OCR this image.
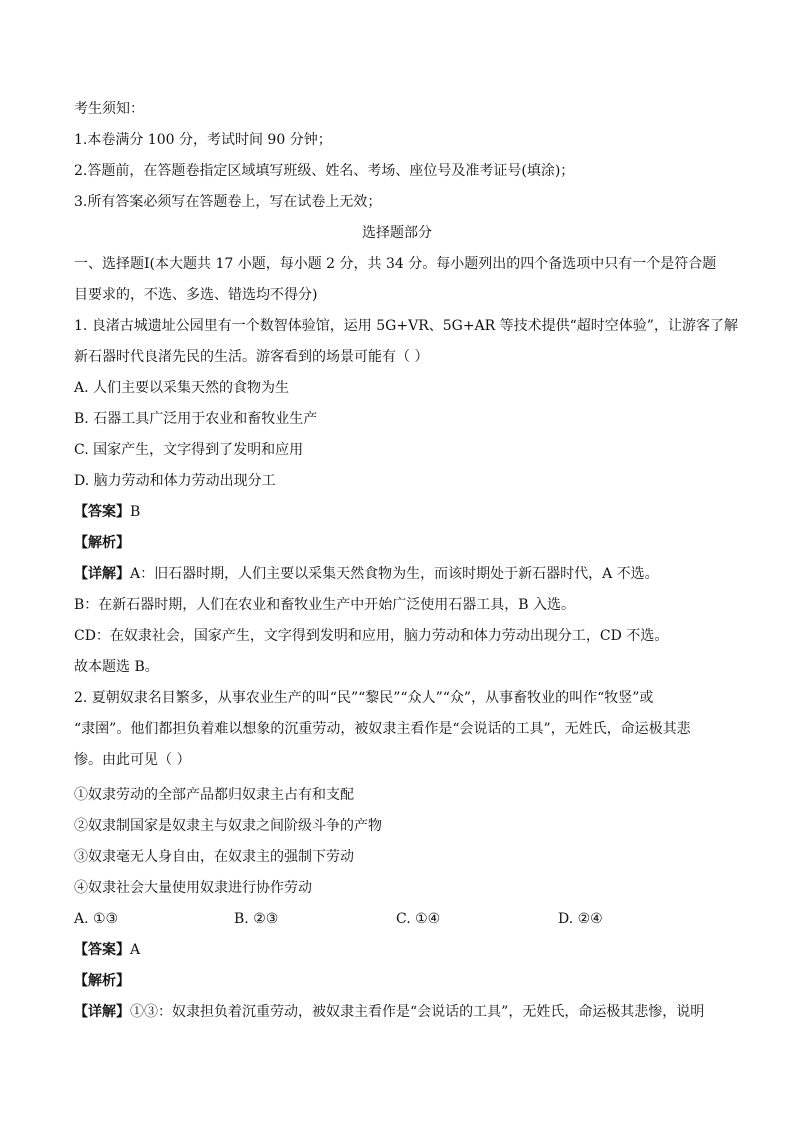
考生须知：
1.本卷满分 100 分，考试时间 90 分钟；
2.答题前，在答题卷指定区域填写班级、姓名、考场、座位号及准考证号(填涂)；
3.所有答案必须写在答题卷上，写在试卷上无效；
选择题部分
一、选择题Ⅰ(本大题共 17 小题，每小题 2 分，共 34 分。每小题列出的四个备选项中只有一个是符合题
目要求的，不选、多选、错选均不得分)
1. 良渚古城遗址公园里有一个数智体验馆，运用 5G+VR、5G+AR 等技术提供“超时空体验”，让游客了解
新石器时代良渚先民的生活。游客看到的场景可能有（ ）
A. 人们主要以采集天然的食物为生
B. 石器工具广泛用于农业和畜牧业生产
C. 国家产生，文字得到了发明和应用
D. 脑力劳动和体力劳动出现分工
【答案】B
【解析】
【详解】A：旧石器时期，人们主要以采集天然食物为生，而该时期处于新石器时代，A 不选。
B：在新石器时期，人们在农业和畜牧业生产中开始广泛使用石器工具，B 入选。
CD：在奴隶社会，国家产生，文字得到发明和应用，脑力劳动和体力劳动出现分工，CD 不选。
故本题选 B。
2. 夏朝奴隶名目繁多，从事农业生产的叫“民”“黎民”“众人”“众”，从事畜牧业的叫作“牧竖”或
“隶圉”。他们都担负着难以想象的沉重劳动，被奴隶主看作是“会说话的工具”，无姓氏，命运极其悲
惨。由此可见（ ）
①奴隶劳动的全部产品都归奴隶主占有和支配
②奴隶制国家是奴隶主与奴隶之间阶级斗争的产物
③奴隶毫无人身自由，在奴隶主的强制下劳动
④奴隶社会大量使用奴隶进行协作劳动
A. ①③	B. ②③	C. ①④	D. ②④
【答案】A
【解析】
【详解】①③：奴隶担负着沉重劳动，被奴隶主看作是“会说话的工具”，无姓氏，命运极其悲惨，说明
